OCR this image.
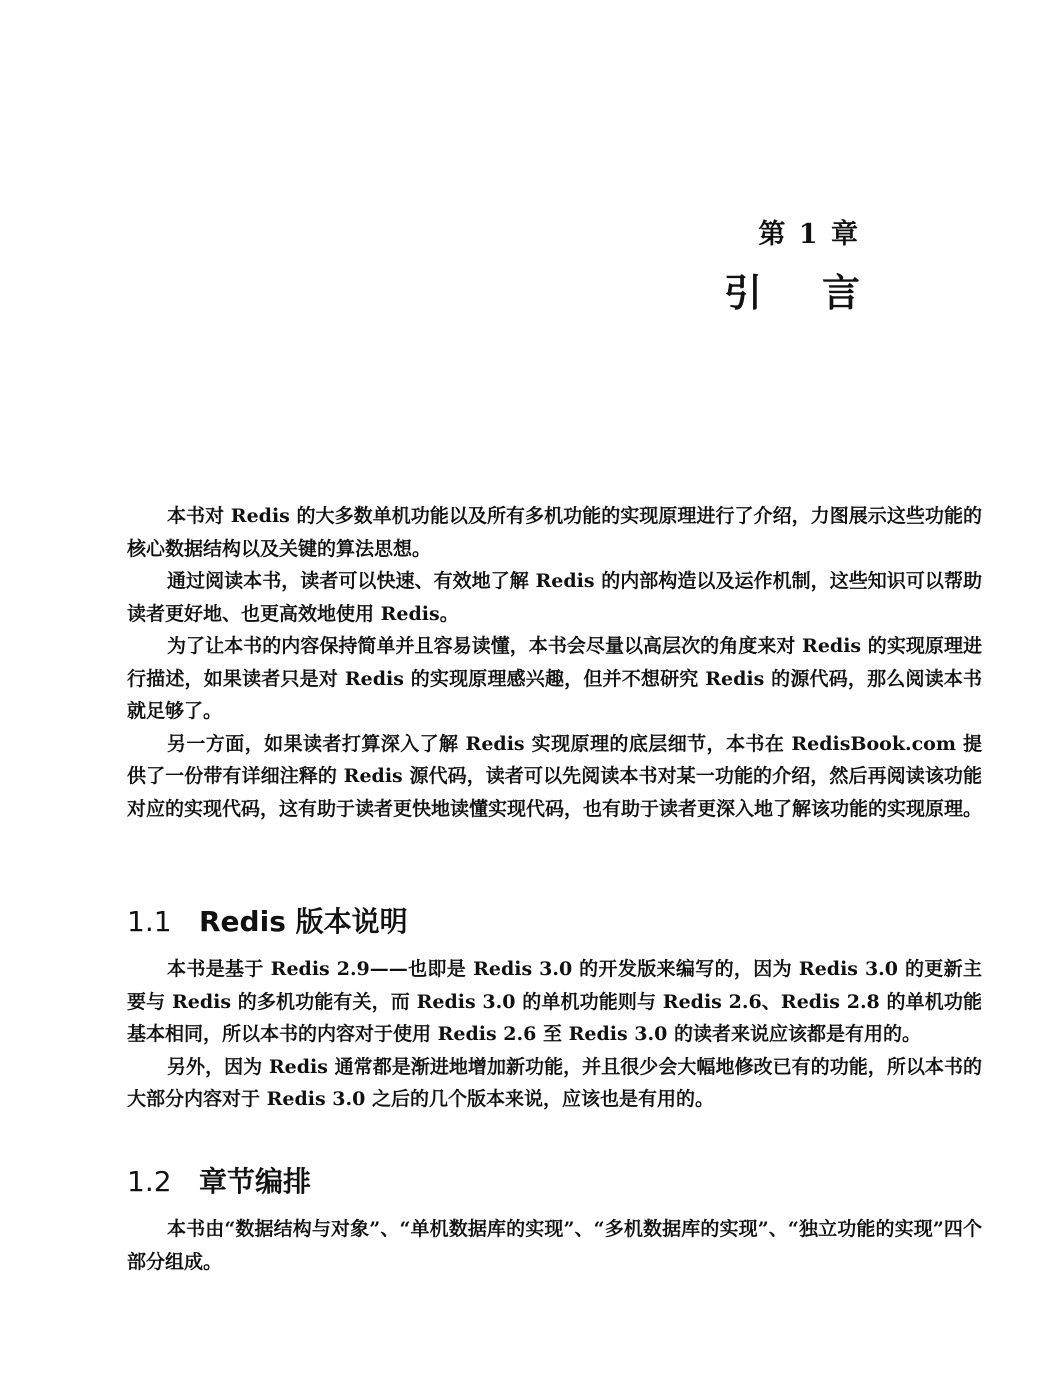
第 1 章
引言

本书对 Redis 的大多数单机功能以及所有多机功能的实现原理进行了介绍，力图展示这些功能的核心数据结构以及关键的算法思想。

通过阅读本书，读者可以快速、有效地了解 Redis 的内部构造以及运作机制，这些知识可以帮助读者更好地、也更高效地使用 Redis。

为了让本书的内容保持简单并且容易读懂，本书会尽量以高层次的角度来对 Redis 的实现原理进行描述，如果读者只是对 Redis 的实现原理感兴趣，但并不想研究 Redis 的源代码，那么阅读本书就足够了。

另一方面，如果读者打算深入了解 Redis 实现原理的底层细节，本书在 RedisBook.com 提供了一份带有详细注释的 Redis 源代码，读者可以先阅读本书对某一功能的介绍，然后再阅读该功能对应的实现代码，这有助于读者更快地读懂实现代码，也有助于读者更深入地了解该功能的实现原理。

1.1 Redis 版本说明

本书是基于 Redis 2.9——也即是 Redis 3.0 的开发版来编写的，因为 Redis 3.0 的更新主要与 Redis 的多机功能有关，而 Redis 3.0 的单机功能则与 Redis 2.6、Redis 2.8 的单机功能基本相同，所以本书的内容对于使用 Redis 2.6 至 Redis 3.0 的读者来说应该都是有用的。

另外，因为 Redis 通常都是渐进地增加新功能，并且很少会大幅地修改已有的功能，所以本书的大部分内容对于 Redis 3.0 之后的几个版本来说，应该也是有用的。

1.2 章节编排

本书由“数据结构与对象”、“单机数据库的实现”、“多机数据库的实现”、“独立功能的实现”四个部分组成。
